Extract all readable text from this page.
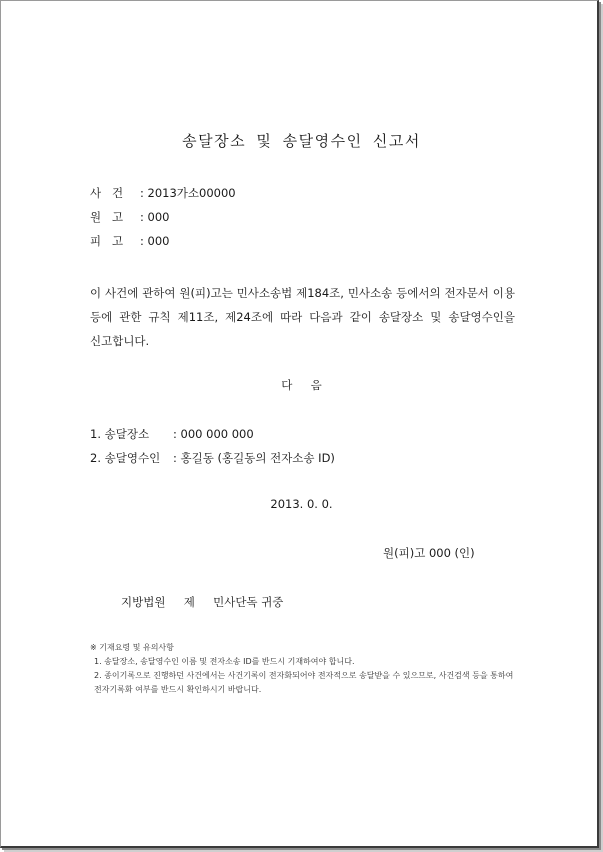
송달장소 및 송달영수인 신고서
사 건 : 2013가소00000
원 고 : 000
피 고 : 000
이 사건에 관하여 원(피)고는 민사소송법 제184조, 민사소송 등에서의 전자문서 이용 등에 관한 규칙 제11조, 제24조에 따라 다음과 같이 송달장소 및 송달영수인을 신고합니다.
다     음
1. 송달장소 : 000 000 000
2. 송달영수인 : 홍길동 (홍길동의 전자소송 ID)
2013. 0. 0.
원(피)고 000 (인)
지방법원     제     민사단독 귀중
※ 기재요령 및 유의사항
1. 송달장소, 송달영수인 이름 및 전자소송 ID를 반드시 기재하여야 합니다.
2. 종이기록으로 진행하던 사건에서는 사건기록이 전자화되어야 전자적으로 송달받을 수 있으므로, 사건검색 등을 통하여 전자기록화 여부를 반드시 확인하시기 바랍니다.
